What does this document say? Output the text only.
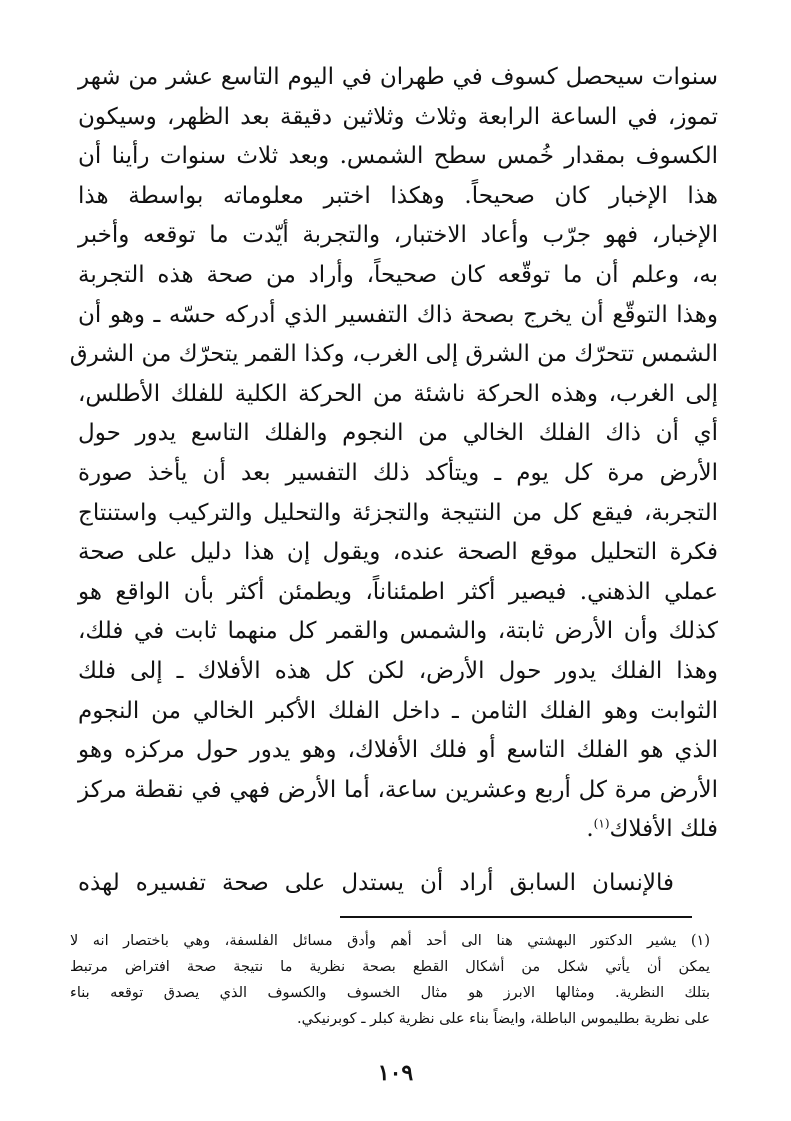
سنوات سيحصل كسوف في طهران في اليوم التاسع عشر من شهر
تموز، في الساعة الرابعة وثلاث وثلاثين دقيقة بعد الظهر، وسيكون
الكسوف بمقدار خُمس سطح الشمس. وبعد ثلاث سنوات رأينا أن
هذا الإخبار كان صحيحاً. وهكذا اختبر معلوماته بواسطة هذا
الإخبار، فهو جرّب وأعاد الاختبار، والتجربة أيّدت ما توقعه وأخبر
به، وعلم أن ما توقّعه كان صحيحاً، وأراد من صحة هذه التجربة
وهذا التوقّع أن يخرج بصحة ذاك التفسير الذي أدركه حسّه ـ وهو أن
الشمس تتحرّك من الشرق إلى الغرب، وكذا القمر يتحرّك من الشرق
إلى الغرب، وهذه الحركة ناشئة من الحركة الكلية للفلك الأطلس،
أي أن ذاك الفلك الخالي من النجوم والفلك التاسع يدور حول
الأرض مرة كل يوم ـ ويتأكد ذلك التفسير بعد أن يأخذ صورة
التجربة، فيقع كل من النتيجة والتجزئة والتحليل والتركيب واستنتاج
فكرة التحليل موقع الصحة عنده، ويقول إن هذا دليل على صحة
عملي الذهني. فيصير أكثر اطمئناناً، ويطمئن أكثر بأن الواقع هو
كذلك وأن الأرض ثابتة، والشمس والقمر كل منهما ثابت في فلك،
وهذا الفلك يدور حول الأرض، لكن كل هذه الأفلاك ـ إلى فلك
الثوابت وهو الفلك الثامن ـ داخل الفلك الأكبر الخالي من النجوم
الذي هو الفلك التاسع أو فلك الأفلاك، وهو يدور حول مركزه وهو
الأرض مرة كل أربع وعشرين ساعة، أما الأرض فهي في نقطة مركز
فلك الأفلاك$^{(١)}$.
فالإنسان السابق أراد أن يستدل على صحة تفسيره لهذه
(١) يشير الدكتور البهشتي هنا الى أحد أهم وأدق مسائل الفلسفة، وهي باختصار انه لا
يمكن أن يأتي شكل من أشكال القطع بصحة نظرية ما نتيجة صحة افتراض مرتبط
بتلك النظرية. ومثالها الابرز هو مثال الخسوف والكسوف الذي يصدق توقعه بناء
على نظرية بطليموس الباطلة، وايضاً بناء على نظرية كبلر ـ كوبرنيكي.
١٠٩
